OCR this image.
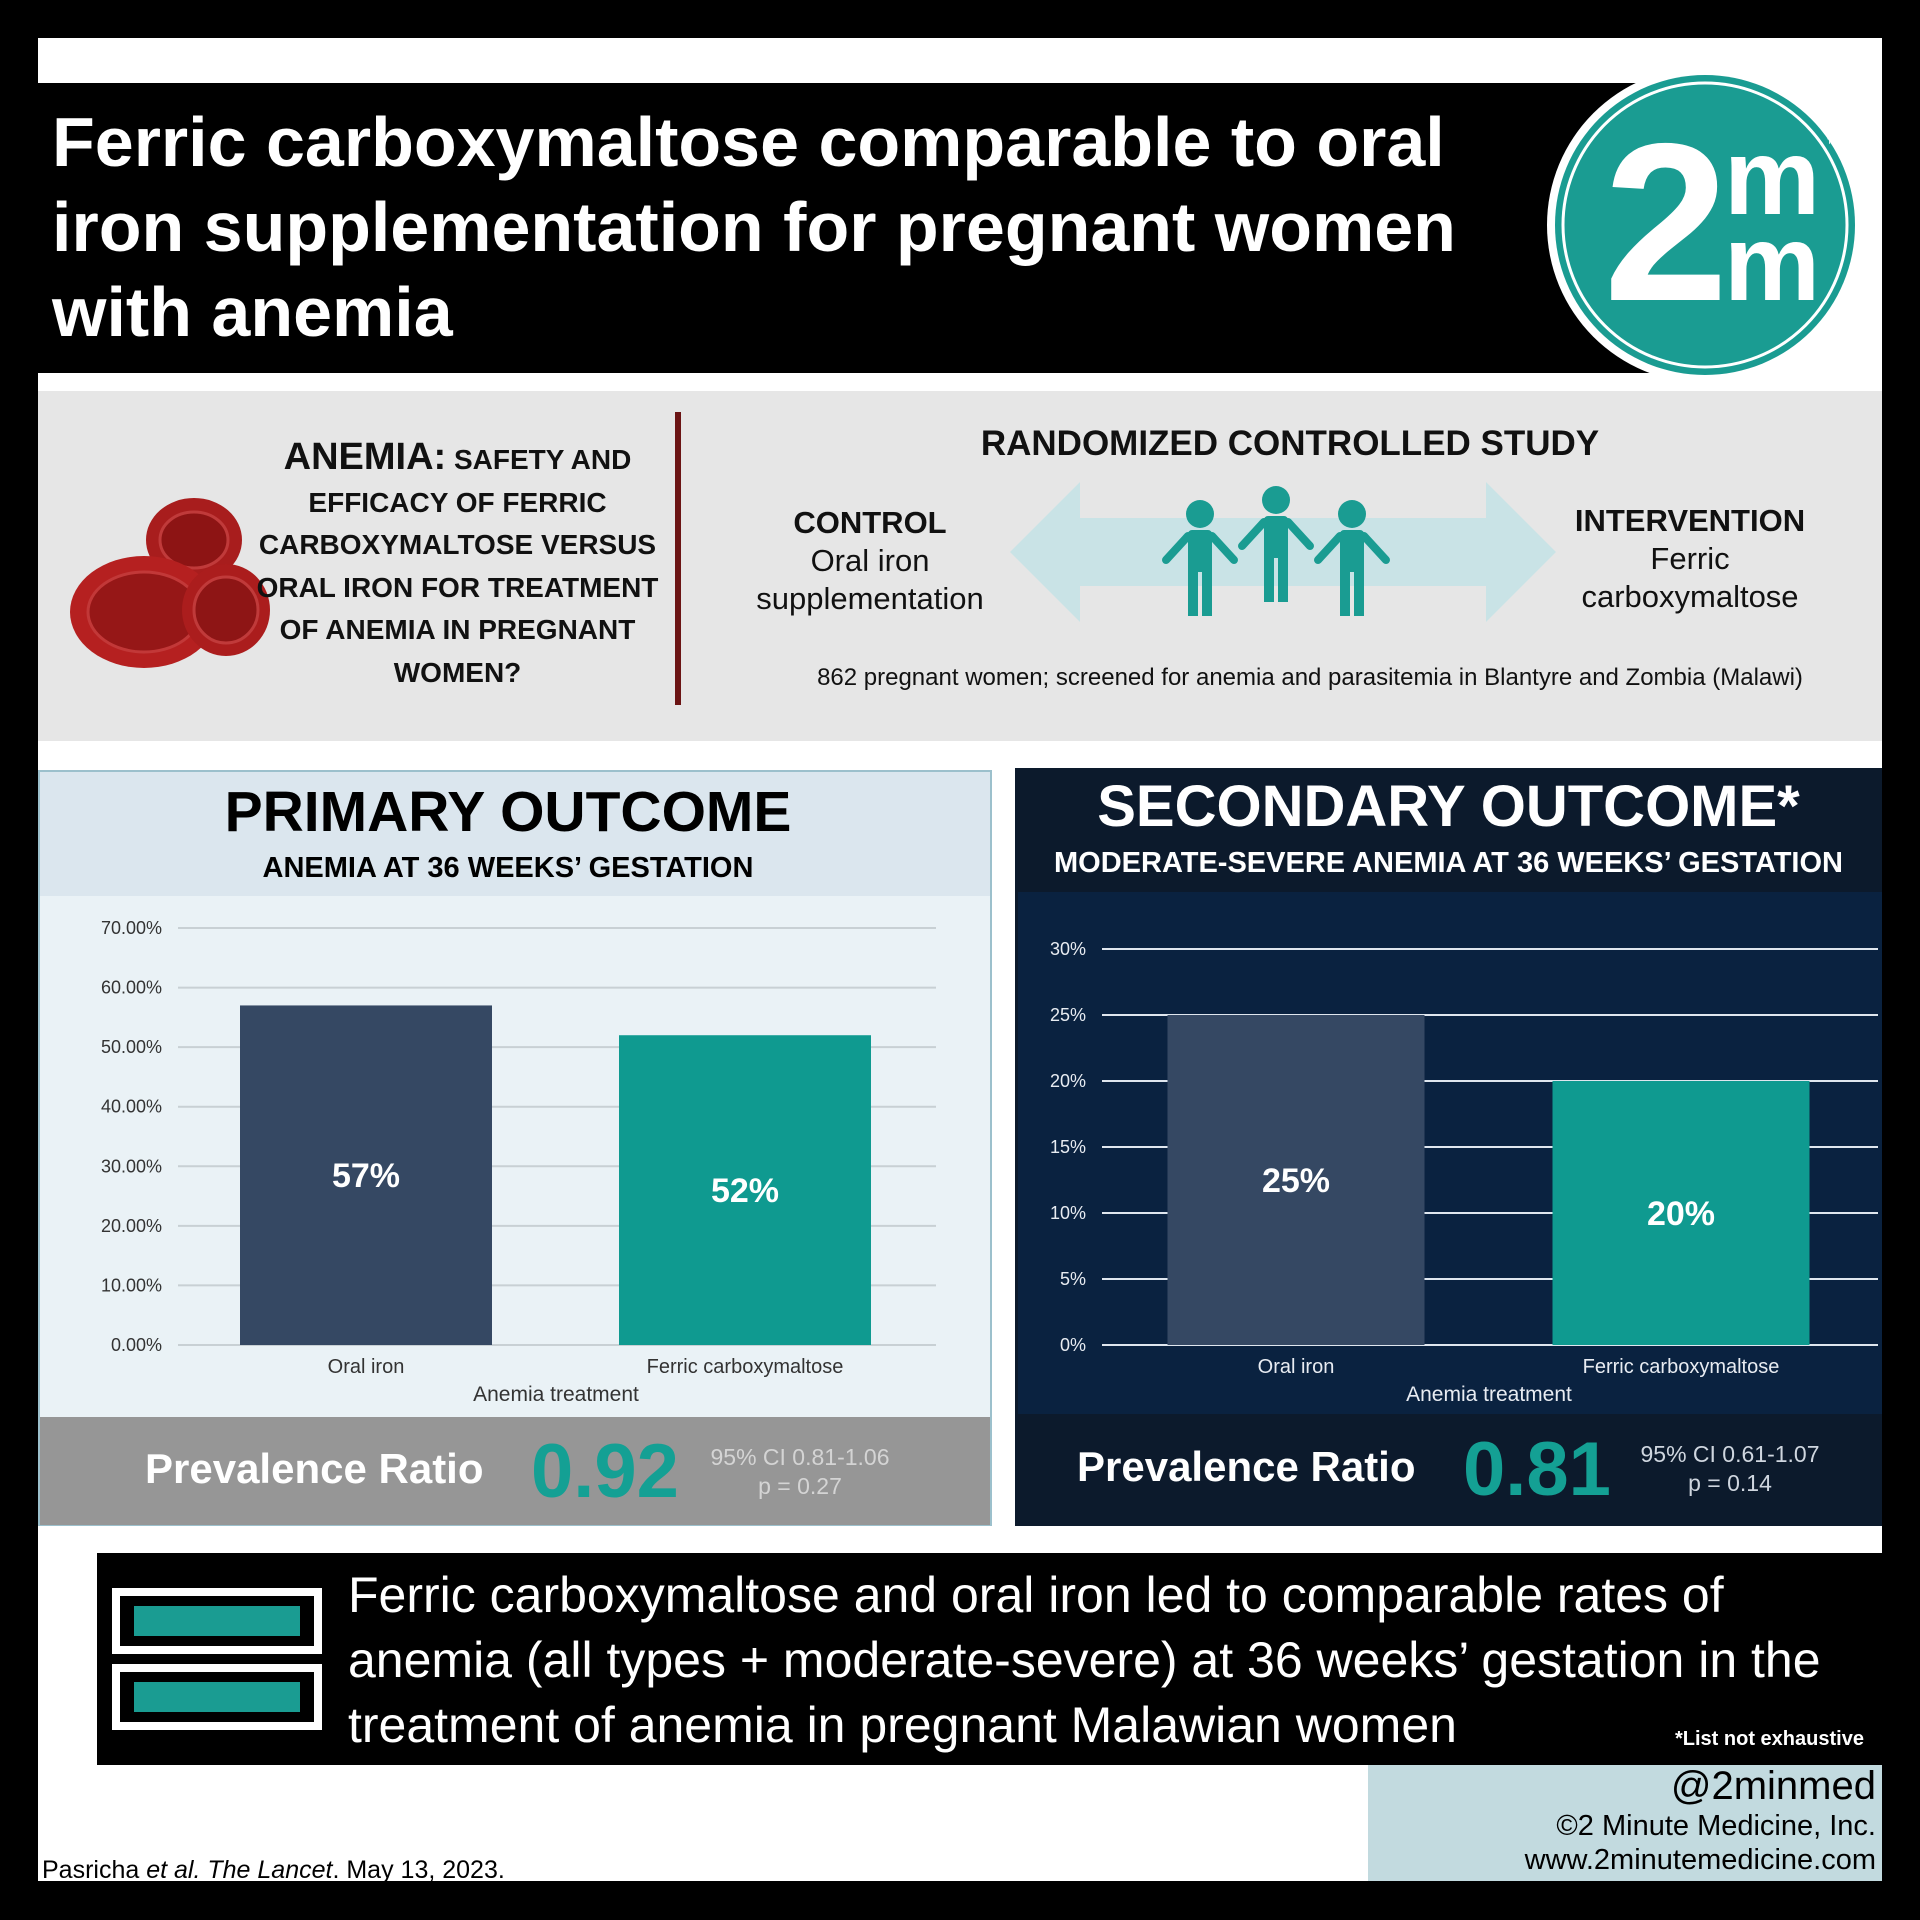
Ferric carboxymaltose comparable to oral iron supplementation for pregnant women with anemia	2
m
m
™
ANEMIA: SAFETY AND EFFICACY OF FERRIC CARBOXYMALTOSE VERSUS ORAL IRON FOR TREATMENT OF ANEMIA IN PREGNANT WOMEN?
RANDOMIZED CONTROLLED STUDY
CONTROL
Oral iron supplementation
INTERVENTION
Ferric carboxymaltose
862 pregnant women; screened for anemia and parasitemia in Blantyre and Zombia (Malawi)
PRIMARY OUTCOME
ANEMIA AT 36 WEEKS’ GESTATION
0.00%
10.00%
20.00%
30.00%
40.00%
50.00%
60.00%
70.00%
57%
Oral iron
52%
Ferric carboxymaltose
Anemia treatment
Prevalence Ratio 0.92	95% CI 0.81-1.06
p = 0.27
SECONDARY OUTCOME*
MODERATE-SEVERE ANEMIA AT 36 WEEKS’ GESTATION
0%
5%
10%
15%
20%
25%
30%
25%
Oral iron
20%
Ferric carboxymaltose
Anemia treatment
Prevalence Ratio 0.81	95% CI 0.61-1.07
p = 0.14
Ferric carboxymaltose and oral iron led to comparable rates of anemia (all types + moderate-severe) at 36 weeks’ gestation in the treatment of anemia in pregnant Malawian women	*List not exhaustive
@2minmed
©2 Minute Medicine, Inc.
www.2minutemedicine.com
Pasricha et al. The Lancet. May 13, 2023.
